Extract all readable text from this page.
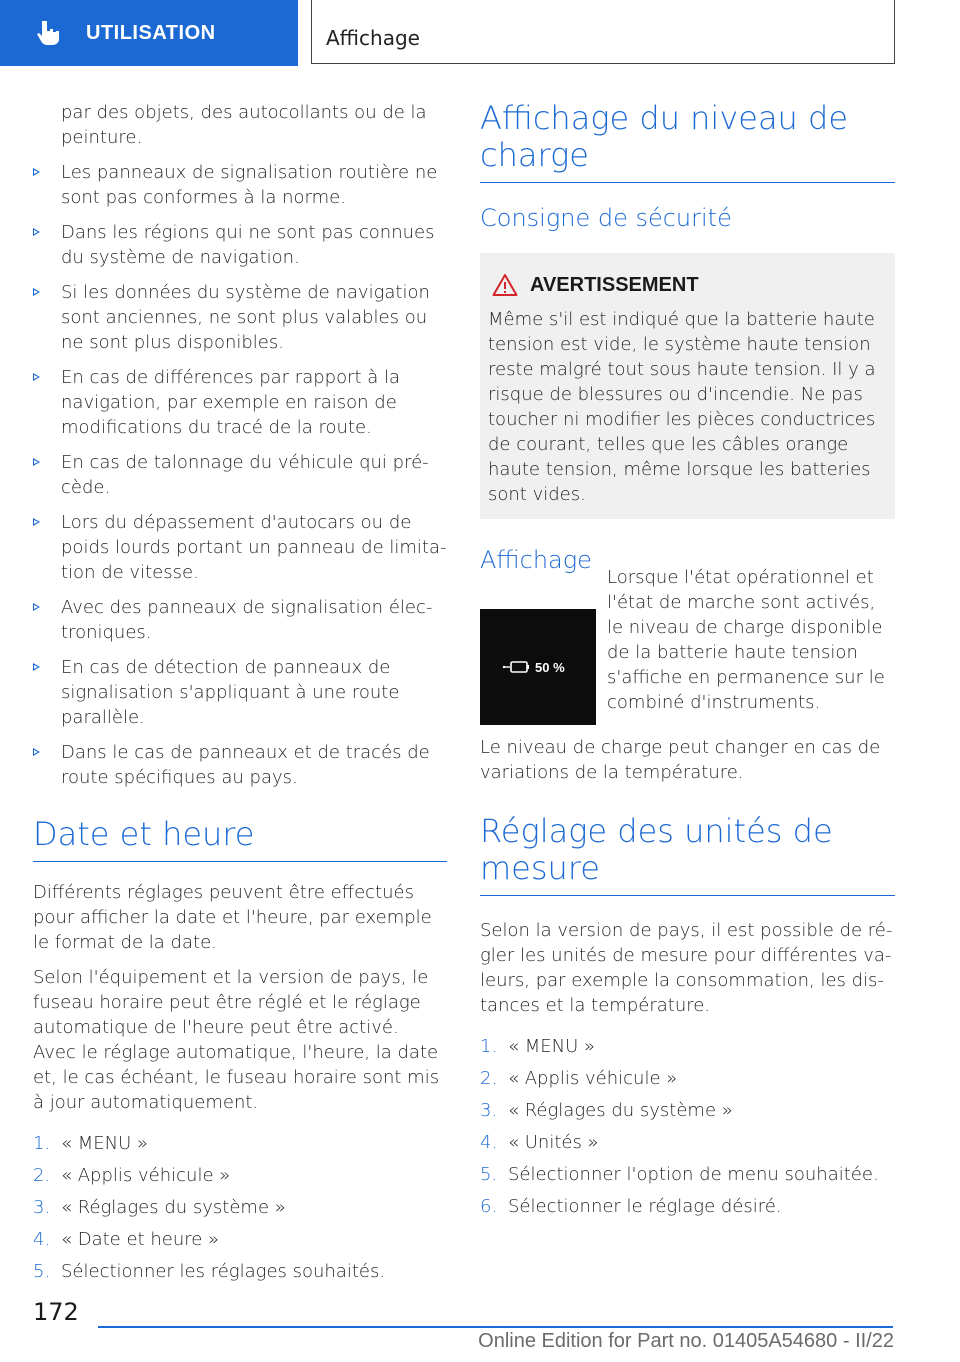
UTILISATION	Affichage

par des objets, des autocollants ou de la peinture.

Les panneaux de signalisation routière ne sont pas conformes à la norme.
Dans les régions qui ne sont pas connues du système de navigation.
Si les données du système de navigation sont anciennes, ne sont plus valables ou ne sont plus disponibles.
En cas de différences par rapport à la navigation, par exemple en raison de modifications du tracé de la route.
En cas de talonnage du véhicule qui précède.
Lors du dépassement d'autocars ou de poids lourds portant un panneau de limitation de vitesse.
Avec des panneaux de signalisation électroniques.
En cas de détection de panneaux de signalisation s'appliquant à une route parallèle.
Dans le cas de panneaux et de tracés de route spécifiques au pays.
Date et heure

Différents réglages peuvent être effectués pour afficher la date et l'heure, par exemple le format de la date.

Selon l'équipement et la version de pays, le fuseau horaire peut être réglé et le réglage automatique de l'heure peut être activé. Avec le réglage automatique, l'heure, la date et, le cas échéant, le fuseau horaire sont mis à jour automatiquement.

1. « MENU »
2. « Applis véhicule »
3. « Réglages du système »
4. « Date et heure »
5. Sélectionner les réglages souhaités.
Affichage du niveau de charge
Consigne de sécurité
AVERTISSEMENT

Même s'il est indiqué que la batterie haute tension est vide, le système haute tension reste malgré tout sous haute tension. Il y a risque de blessures ou d'incendie. Ne pas toucher ni modifier les pièces conductrices de courant, telles que les câbles orange haute tension, même lorsque les batteries sont vides.

Affichage
50 %

Lorsque l'état opérationnel et l'état de marche sont activés, le niveau de charge disponible de la batterie haute tension s'affiche en permanence sur le combiné d'instruments.

Le niveau de charge peut changer en cas de variations de la température.

Réglage des unités de mesure

Selon la version de pays, il est possible de régler les unités de mesure pour différentes valeurs, par exemple la consommation, les distances et la température.

1. « MENU »
2. « Applis véhicule »
3. « Réglages du système »
4. « Unités »
5. Sélectionner l'option de menu souhaitée.
6. Sélectionner le réglage désiré.
172
Online Edition for Part no. 01405A54680 - II/22
